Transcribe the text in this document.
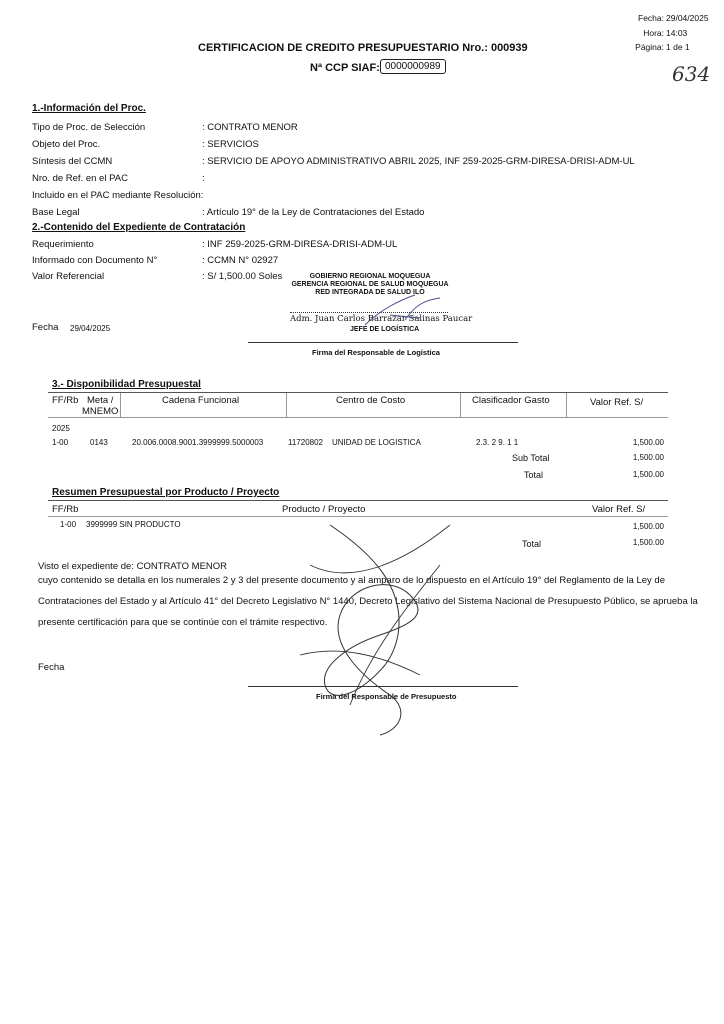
Fecha: 29/04/2025
Hora: 14:03
Página: 1 de 1
CERTIFICACION DE CREDITO PRESUPUESTARIO Nro.: 000939
Nª CCP SIAF: 0000000989	634
1.-Información del Proc.
Tipo de Proc. de Selección	: CONTRATO MENOR
Objeto del Proc.	: SERVICIOS
Síntesis del CCMN	: SERVICIO DE APOYO ADMINISTRATIVO ABRIL 2025, INF 259-2025-GRM-DIRESA-DRISI-ADM-UL
Nro. de Ref. en el PAC	:
Incluido en el PAC mediante Resolución:
Base Legal	: Artículo 19° de la Ley de Contrataciones del Estado
2.-Contenido del Expediente de Contratación
Requerimiento	: INF 259-2025-GRM-DIRESA-DRISI-ADM-UL
Informado con Documento N°	: CCMN N° 02927
Valor Referencial	: S/ 1,500.00 Soles	GOBIERNO REGIONAL MOQUEGUA
GERENCIA REGIONAL DE SALUD MOQUEGUA
RED INTEGRADA DE SALUD ILO
Adm. Juan Carlos Barrazar Salinas Paucar
JEFE DE LOGÍSTICA
Fecha 29/04/2025
Firma del Responsable de Logística
3.- Disponibilidad Presupuestal
FF/Rb Meta /
MNEMO
Cadena Funcional	Centro de Costo	Clasificador Gasto	Valor Ref. S/
2025
1-00	0143	20.006.0008.9001.3999999.5000003	11720802 UNIDAD DE LOGISTICA	2.3. 2 9. 1 1	1,500.00
Sub Total	1,500.00
Total	1,500.00
Resumen Presupuestal por Producto / Proyecto
FF/Rb	Producto / Proyecto	Valor Ref. S/
1-00 3999999 SIN PRODUCTO	1,500.00
Total	1,500.00
Visto el expediente de: CONTRATO MENOR
cuyo contenido se detalla en los numerales 2 y 3 del presente documento y al amparo de lo dispuesto en el Artículo 19° del Reglamento de la Ley de Contrataciones del Estado y al Artículo 41° del Decreto Legislativo N° 1440, Decreto Legislativo del Sistema Nacional de Presupuesto Público, se aprueba la presente certificación para que se continúe con el trámite respectivo.
Fecha
Firma del Responsable de Presupuesto
